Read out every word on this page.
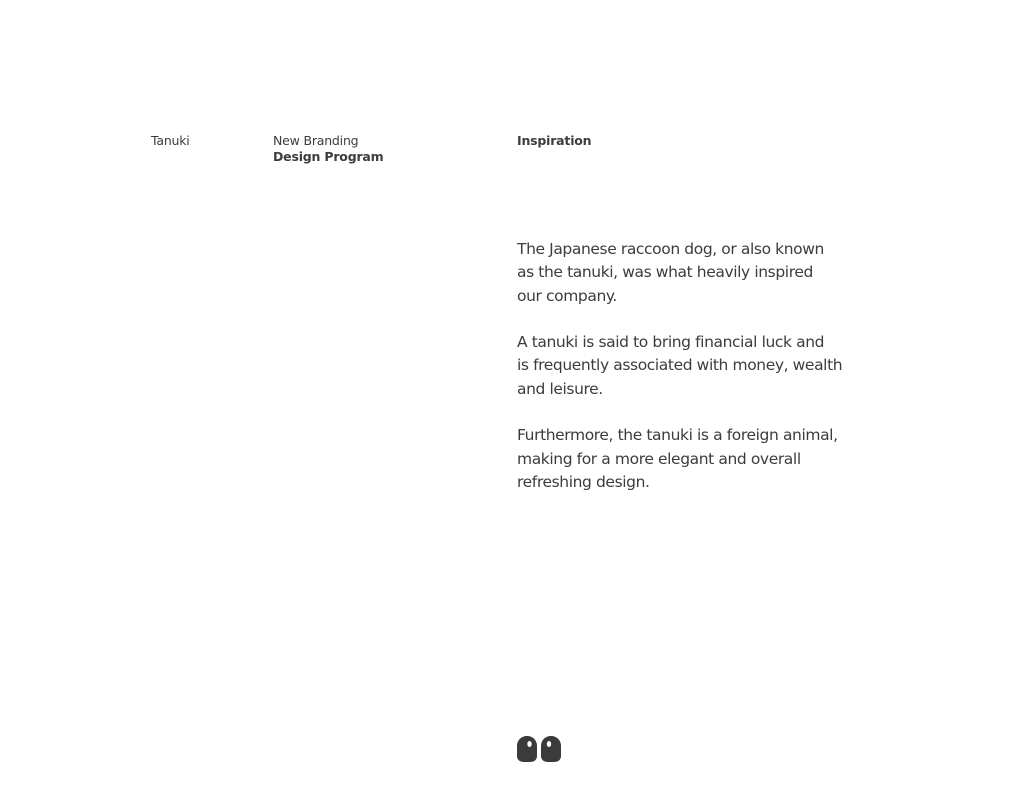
Tanuki	New Branding
Design Program
Inspiration

The Japanese raccoon dog, or also known
as the tanuki, was what heavily inspired
our company.

A tanuki is said to bring financial luck and
is frequently associated with money, wealth
and leisure.

Furthermore, the tanuki is a foreign animal,
making for a more elegant and overall
refreshing design.
